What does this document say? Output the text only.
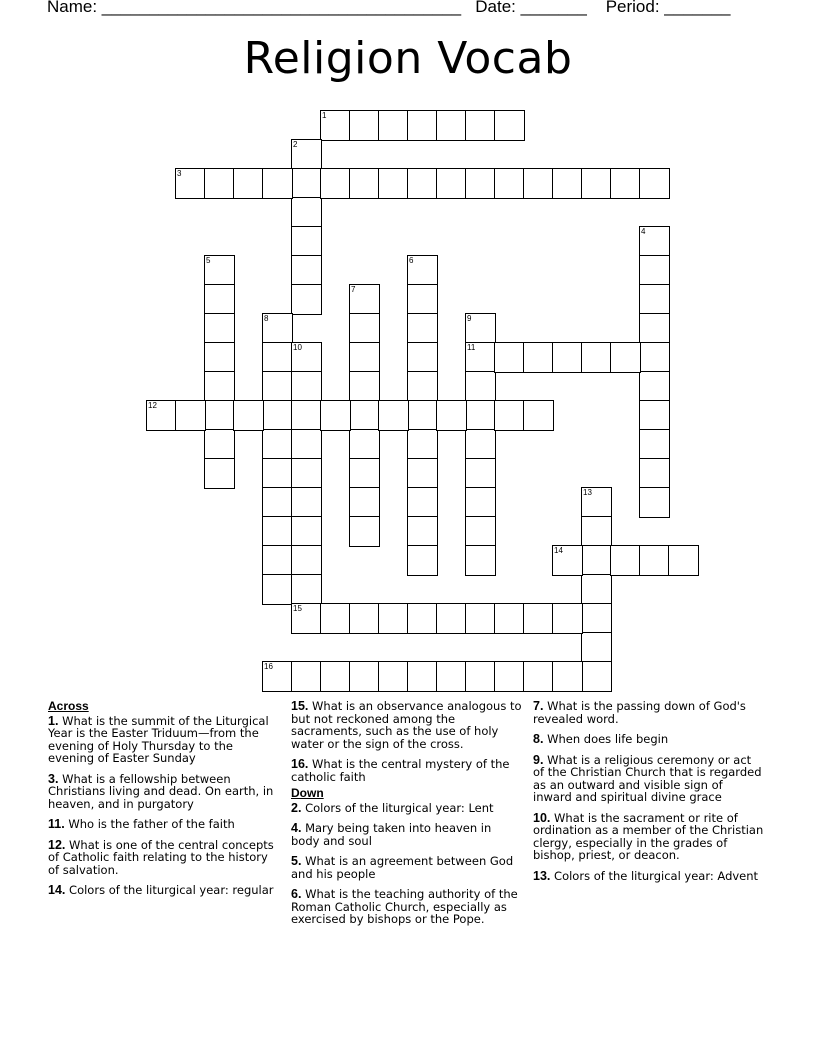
Name: ______________________________________ Date: _______ Period: _______
Religion Vocab
1
2
3
4
5	6
7
8	9
10	11
12
13
14
15
16
Across
1. What is the summit of the Liturgical Year is the Easter Triduum—from the evening of Holy Thursday to the evening of Easter Sunday
3. What is a fellowship between Christians living and dead. On earth, in heaven, and in purgatory
11. Who is the father of the faith
12. What is one of the central concepts of Catholic faith relating to the history of salvation.
14. Colors of the liturgical year: regular
15. What is an observance analogous to but not reckoned among the sacraments, such as the use of holy water or the sign of the cross.
16. What is the central mystery of the catholic faith
Down
2. Colors of the liturgical year: Lent
4. Mary being taken into heaven in body and soul
5. What is an agreement between God and his people
6. What is the teaching authority of the Roman Catholic Church, especially as exercised by bishops or the Pope.
7. What is the passing down of God's revealed word.
8. When does life begin
9. What is a religious ceremony or act of the Christian Church that is regarded as an outward and visible sign of inward and spiritual divine grace
10. What is the sacrament or rite of ordination as a member of the Christian clergy, especially in the grades of bishop, priest, or deacon.
13. Colors of the liturgical year: Advent
